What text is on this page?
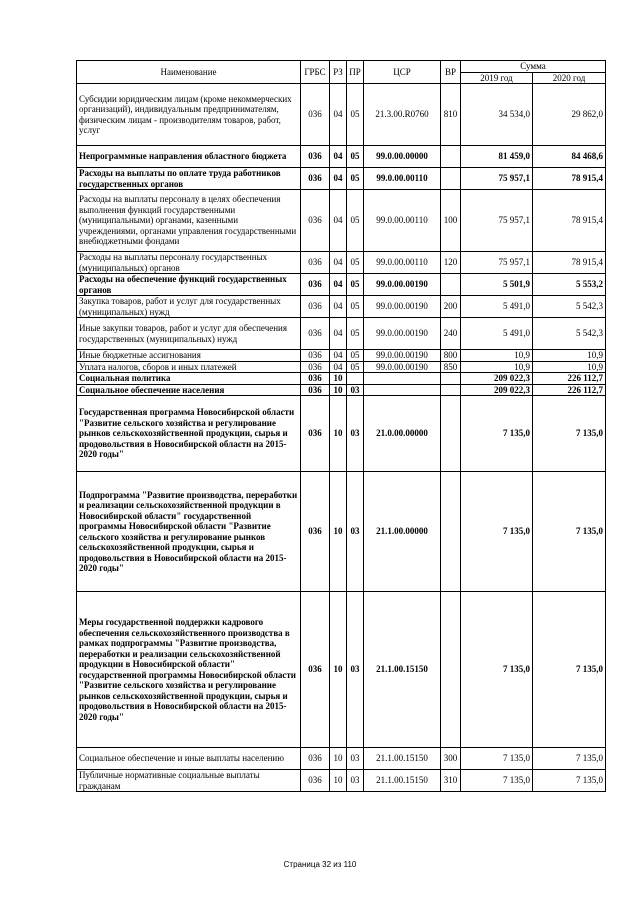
Наименование	ГРБС	РЗ	ПР	ЦСР	ВР	Сумма	
						2019 год	2020 год
Субсидии юридическим лицам (кроме некоммерческих организаций), индивидуальным предпринимателям, физическим лицам - производителям товаров, работ, услуг	036	04	05	21.3.00.R0760	810	34 534,0	29 862,0
Непрограммные направления областного бюджета	036	04	05	99.0.00.00000		81 459,0	84 468,6
Расходы на выплаты по оплате труда работников государственных органов	036	04	05	99.0.00.00110		75 957,1	78 915,4
Расходы на выплаты персоналу в целях обеспечения выполнения функций государственными (муниципальными) органами, казенными учреждениями, органами управления государственными внебюджетными фондами	036	04	05	99.0.00.00110	100	75 957,1	78 915,4
Расходы на выплаты персоналу государственных (муниципальных) органов	036	04	05	99.0.00.00110	120	75 957,1	78 915,4
Расходы на обеспечение функций государственных органов	036	04	05	99.0.00.00190		5 501,9	5 553,2
Закупка товаров, работ и услуг для государственных (муниципальных) нужд	036	04	05	99.0.00.00190	200	5 491,0	5 542,3
Иные закупки товаров, работ и услуг для обеспечения государственных (муниципальных) нужд	036	04	05	99.0.00.00190	240	5 491,0	5 542,3
Иные бюджетные ассигнования	036	04	05	99.0.00.00190	800	10,9	10,9
Уплата налогов, сборов и иных платежей	036	04	05	99.0.00.00190	850	10,9	10,9
Социальная политика	036	10				209 022,3	226 112,7
Социальное обеспечение населения	036	10	03			209 022,3	226 112,7
Государственная программа Новосибирской области "Развитие сельского хозяйства и регулирование рынков сельскохозяйственной продукции, сырья и продовольствия в Новосибирской области на 2015-2020 годы"	036	10	03	21.0.00.00000		7 135,0	7 135,0
Подпрограмма "Развитие производства, переработки и реализации сельскохозяйственной продукции в Новосибирской области" государственной программы Новосибирской области "Развитие сельского хозяйства и регулирование рынков сельскохозяйственной продукции, сырья и продовольствия в Новосибирской области на 2015-2020 годы"	036	10	03	21.1.00.00000		7 135,0	7 135,0
Меры государственной поддержки кадрового обеспечения сельскохозяйственного производства в рамках подпрограммы "Развитие производства, переработки и реализации сельскохозяйственной продукции в Новосибирской области" государственной программы Новосибирской области "Развитие сельского хозяйства и регулирование рынков сельскохозяйственной продукции, сырья и продовольствия в Новосибирской области на 2015-2020 годы"	036	10	03	21.1.00.15150		7 135,0	7 135,0
Социальное обеспечение и иные выплаты населению	036	10	03	21.1.00.15150	300	7 135,0	7 135,0
Публичные нормативные социальные выплаты гражданам	036	10	03	21.1.00.15150	310	7 135,0	7 135,0
Страница 32 из 110
